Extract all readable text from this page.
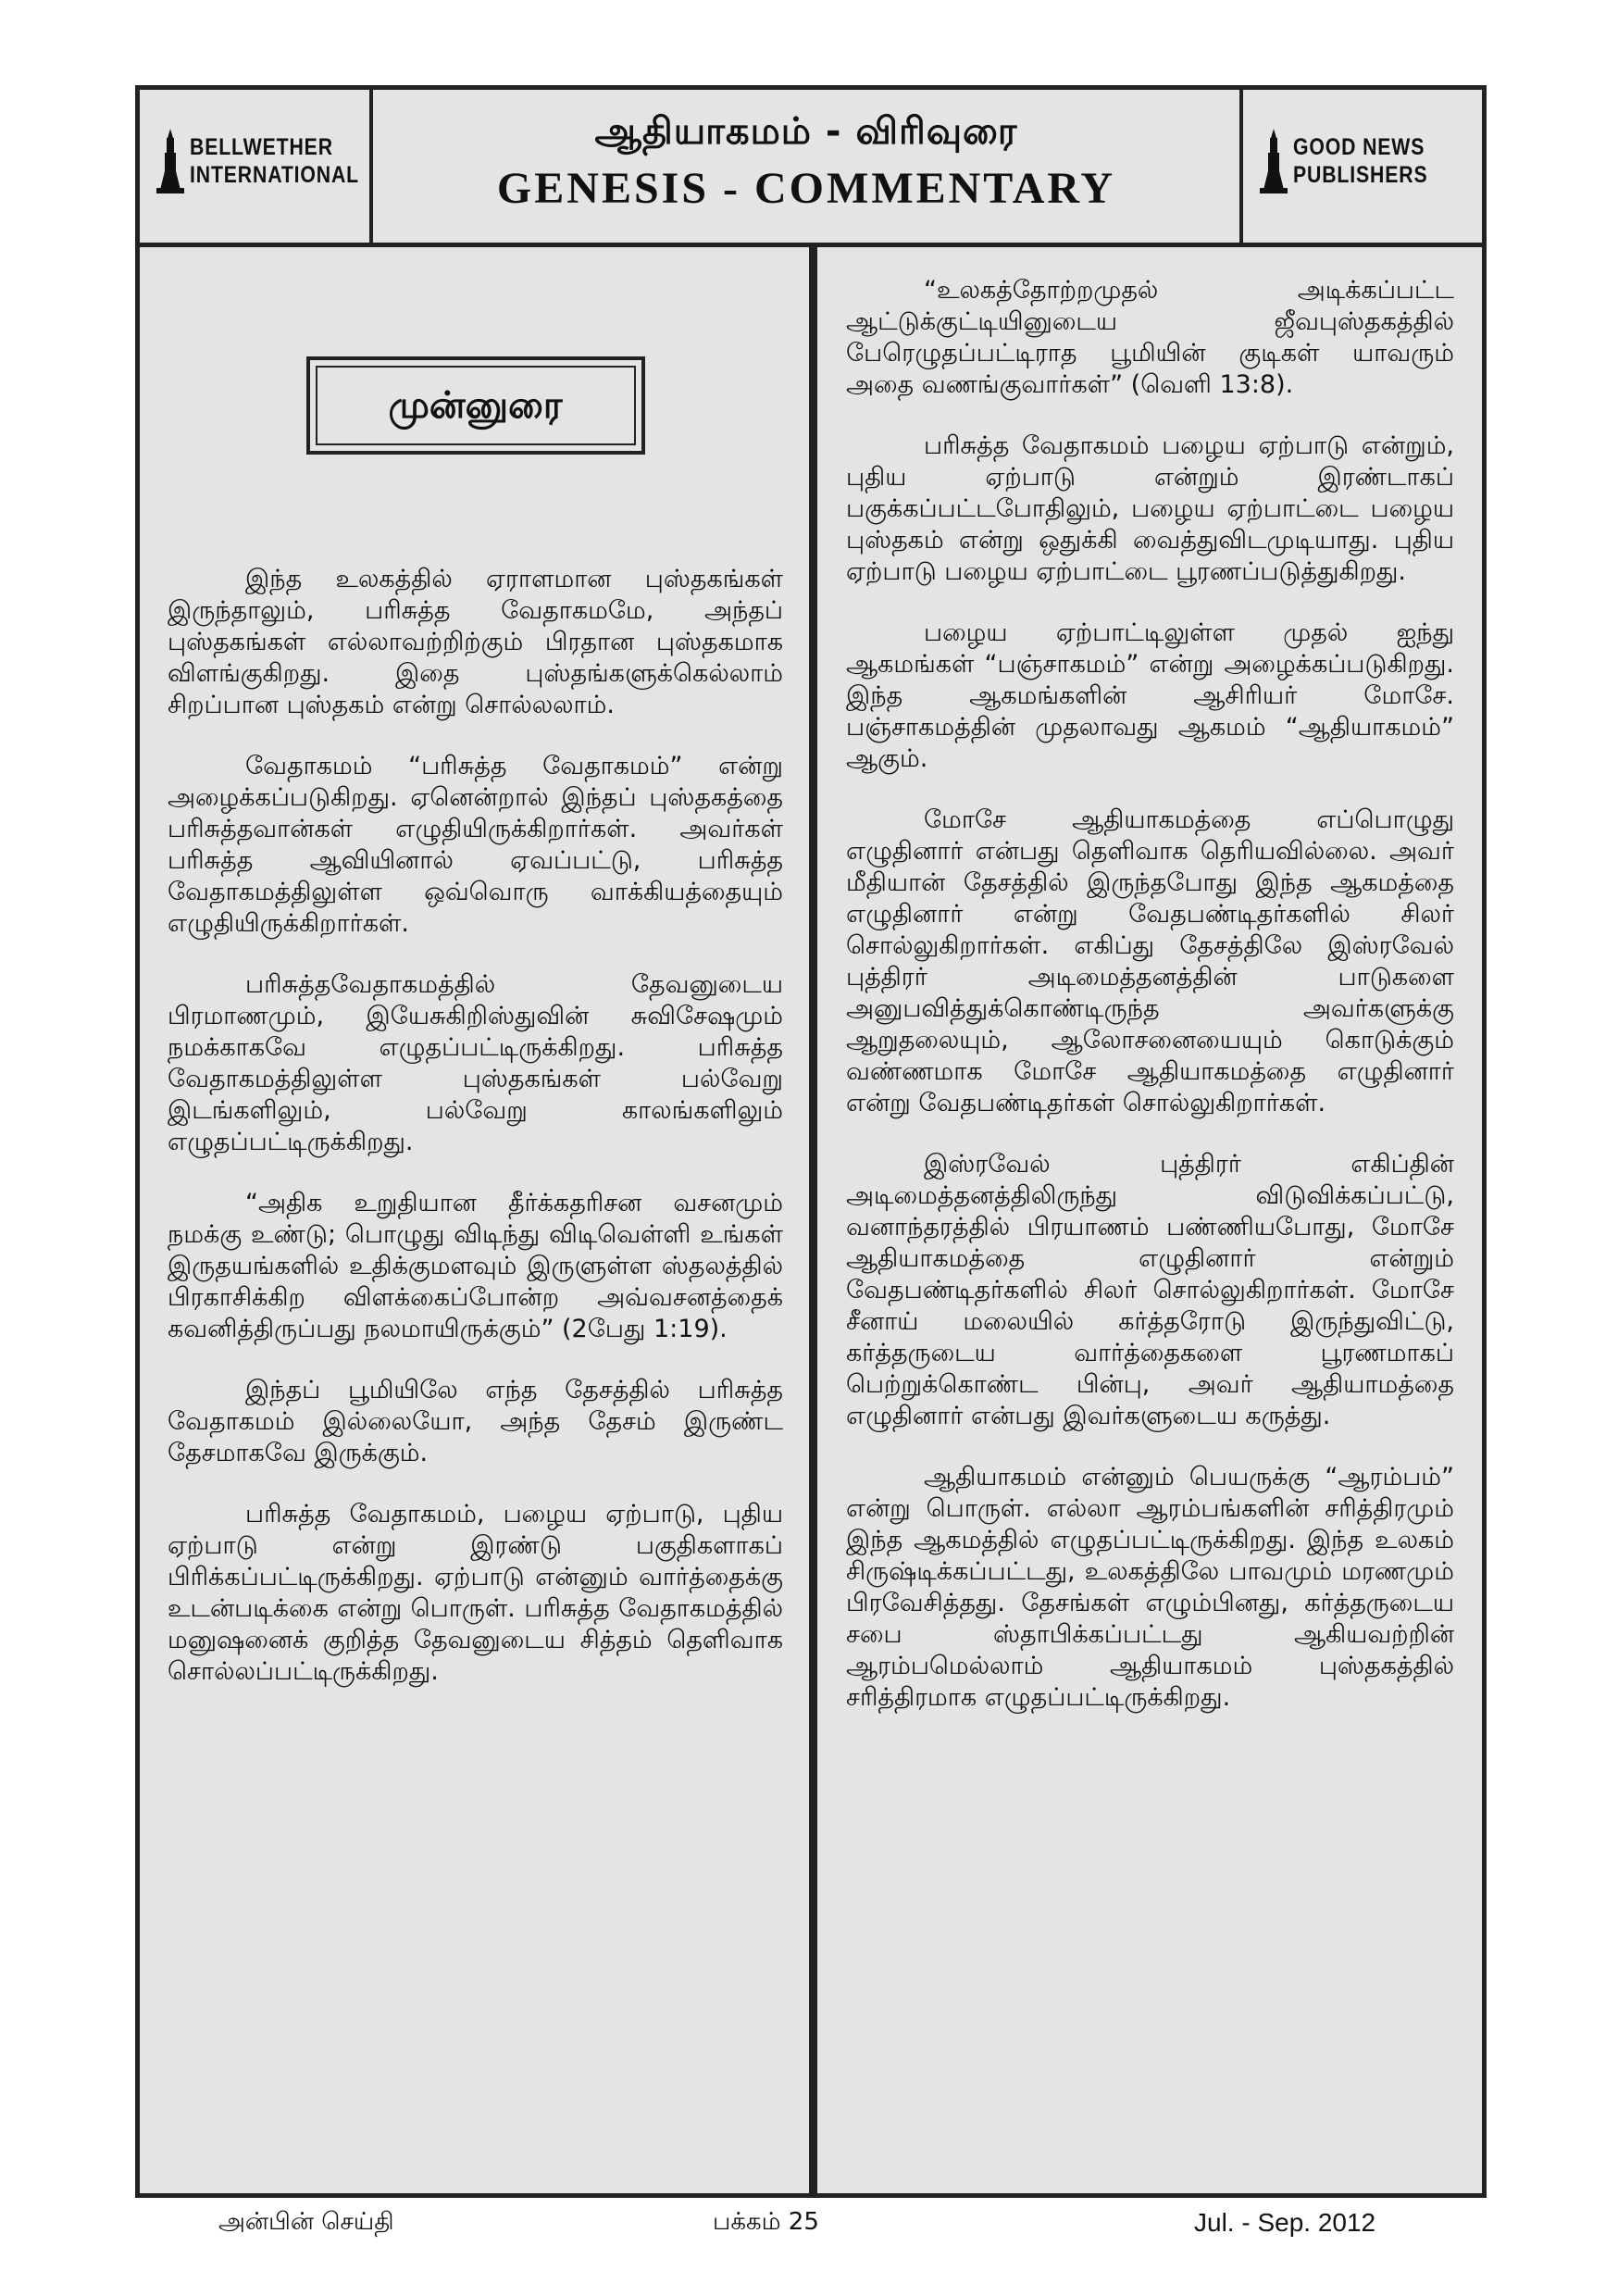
BELLWETHER
INTERNATIONAL
ஆதியாகமம் - விரிவுரை
GENESIS - COMMENTARY
GOOD NEWS
PUBLISHERS
முன்னுரை

இந்த உலகத்தில் ஏராளமான புஸ்தகங்கள் இருந்தாலும், பரிசுத்த வேதாகமமே, அந்தப் புஸ்தகங்கள் எல்லாவற்றிற்கும் பிரதான புஸ்தகமாக விளங்குகிறது. இதை புஸ்தங்களுக்கெல்லாம் சிறப்பான புஸ்தகம் என்று சொல்லலாம்.

வேதாகமம் “பரிசுத்த வேதாகமம்” என்று அழைக்கப்படுகிறது. ஏனென்றால் இந்தப் புஸ்தகத்தை பரிசுத்தவான்கள் எழுதியிருக்கிறார்கள். அவர்கள் பரிசுத்த ஆவியினால் ஏவப்பட்டு, பரிசுத்த வேதாகமத்திலுள்ள ஒவ்வொரு வாக்கியத்தையும் எழுதியிருக்கிறார்கள்.

பரிசுத்தவேதாகமத்தில் தேவனுடைய பிரமாணமும், இயேசுகிறிஸ்துவின் சுவிசேஷமும் நமக்காகவே எழுதப்பட்டிருக்கிறது. பரிசுத்த வேதாகமத்திலுள்ள புஸ்தகங்கள் பல்வேறு இடங்களிலும், பல்வேறு காலங்களிலும் எழுதப்பட்டிருக்கிறது.

“அதிக உறுதியான தீர்க்கதரிசன வசனமும் நமக்கு உண்டு; பொழுது விடிந்து விடிவெள்ளி உங்கள் இருதயங்களில் உதிக்குமளவும் இருளுள்ள ஸ்தலத்தில் பிரகாசிக்கிற விளக்கைப்போன்ற அவ்வசனத்தைக் கவனித்திருப்பது நலமாயிருக்கும்” (2பேது 1:19).

இந்தப் பூமியிலே எந்த தேசத்தில் பரிசுத்த வேதாகமம் இல்லையோ, அந்த தேசம் இருண்ட தேசமாகவே இருக்கும்.

பரிசுத்த வேதாகமம், பழைய ஏற்பாடு, புதிய ஏற்பாடு என்று இரண்டு பகுதிகளாகப் பிரிக்கப்பட்டிருக்கிறது. ஏற்பாடு என்னும் வார்த்தைக்கு உடன்படிக்கை என்று பொருள். பரிசுத்த வேதாகமத்தில் மனுஷனைக் குறித்த தேவனுடைய சித்தம் தெளிவாக சொல்லப்பட்டிருக்கிறது.

“உலகத்தோற்றமுதல் அடிக்கப்பட்ட ஆட்டுக்குட்டியினுடைய ஜீவபுஸ்தகத்தில் பேரெழுதப்பட்டிராத பூமியின் குடிகள் யாவரும் அதை வணங்குவார்கள்” (வெளி 13:8).

பரிசுத்த வேதாகமம் பழைய ஏற்பாடு என்றும், புதிய ஏற்பாடு என்றும் இரண்டாகப் பகுக்கப்பட்டபோதிலும், பழைய ஏற்பாட்டை பழைய புஸ்தகம் என்று ஒதுக்கி வைத்துவிடமுடியாது. புதிய ஏற்பாடு பழைய ஏற்பாட்டை பூரணப்படுத்துகிறது.

பழைய ஏற்பாட்டிலுள்ள முதல் ஐந்து ஆகமங்கள் “பஞ்சாகமம்” என்று அழைக்கப்படுகிறது. இந்த ஆகமங்களின் ஆசிரியர் மோசே. பஞ்சாகமத்தின் முதலாவது ஆகமம் “ஆதியாகமம்” ஆகும்.

மோசே ஆதியாகமத்தை எப்பொழுது எழுதினார் என்பது தெளிவாக தெரியவில்லை. அவர் மீதியான் தேசத்தில் இருந்தபோது இந்த ஆகமத்தை எழுதினார் என்று வேதபண்டிதர்களில் சிலர் சொல்லுகிறார்கள். எகிப்து தேசத்திலே இஸ்ரவேல் புத்திரர் அடிமைத்தனத்தின் பாடுகளை அனுபவித்துக்கொண்டிருந்த அவர்களுக்கு ஆறுதலையும், ஆலோசனையையும் கொடுக்கும் வண்ணமாக மோசே ஆதியாகமத்தை எழுதினார் என்று வேதபண்டிதர்கள் சொல்லுகிறார்கள்.

இஸ்ரவேல் புத்திரர் எகிப்தின் அடிமைத்தனத்திலிருந்து விடுவிக்கப்பட்டு, வனாந்தரத்தில் பிரயாணம் பண்ணியபோது, மோசே ஆதியாகமத்தை எழுதினார் என்றும் வேதபண்டிதர்களில் சிலர் சொல்லுகிறார்கள். மோசே சீனாய் மலையில் கர்த்தரோடு இருந்துவிட்டு, கர்த்தருடைய வார்த்தைகளை பூரணமாகப் பெற்றுக்கொண்ட பின்பு, அவர் ஆதியாமத்தை எழுதினார் என்பது இவர்களுடைய கருத்து.

ஆதியாகமம் என்னும் பெயருக்கு “ஆரம்பம்” என்று பொருள். எல்லா ஆரம்பங்களின் சரித்திரமும் இந்த ஆகமத்தில் எழுதப்பட்டிருக்கிறது. இந்த உலகம் சிருஷ்டிக்கப்பட்டது, உலகத்திலே பாவமும் மரணமும் பிரவேசித்தது. தேசங்கள் எழும்பினது, கர்த்தருடைய சபை ஸ்தாபிக்கப்பட்டது ஆகியவற்றின் ஆரம்பமெல்லாம் ஆதியாகமம் புஸ்தகத்தில் சரித்திரமாக எழுதப்பட்டிருக்கிறது.

அன்பின் செய்தி	பக்கம் 25	Jul. - Sep. 2012
